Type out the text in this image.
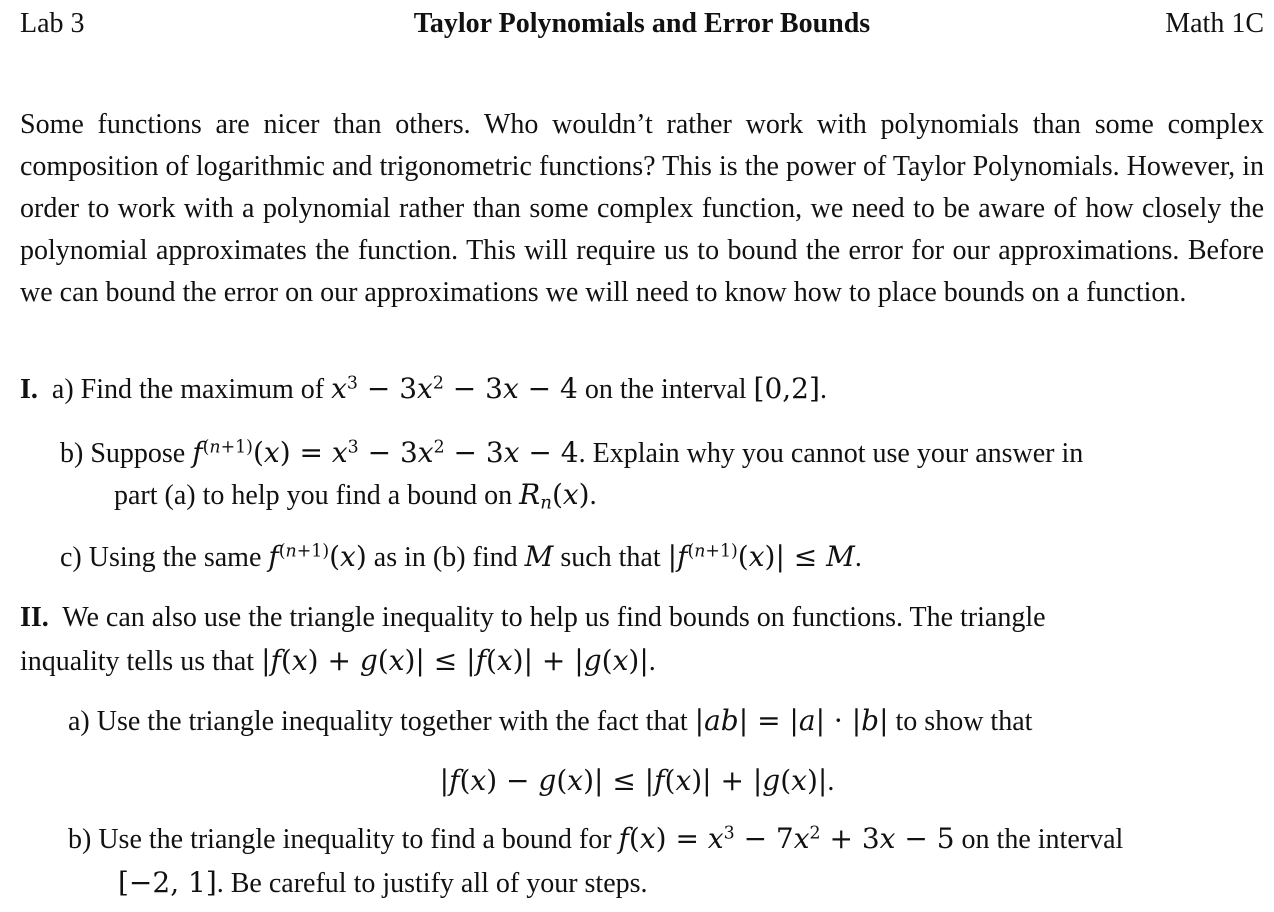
Lab 3	Taylor Polynomials and Error Bounds	Math 1C

Some functions are nicer than others. Who wouldn’t rather work with polynomials than some complex composition of logarithmic and trigonometric functions? This is the power of Taylor Polynomials. However, in order to work with a polynomial rather than some complex function, we need to be aware of how closely the polynomial approximates the function. This will require us to bound the error for our approximations. Before we can bound the error on our approximations we will need to know how to place bounds on a function.

I. a) Find the maximum of $x^3 - 3x^2 - 3x - 4$ on the interval [0,2].

b) Suppose $f^{(n+1)}(x) = x^3 - 3x^2 - 3x - 4$. Explain why you cannot use your answer in

part (a) to help you find a bound on $R_n(x)$.

c) Using the same $f^{(n+1)}(x)$ as in (b) find M such that $|f^{(n+1)}(x)| \le M$.

II. We can also use the triangle inequality to help us find bounds on functions. The triangle

inquality tells us that |f(x) + g(x)| ≤ |f(x)| + |g(x)|.

a) Use the triangle inequality together with the fact that |ab| = |a| · |b| to show that

|f(x) − g(x)| ≤ |f(x)| + |g(x)|.

b) Use the triangle inequality to find a bound for $f(x) = x^3 - 7x^2 + 3x - 5$ on the interval

[−2, 1]. Be careful to justify all of your steps.
